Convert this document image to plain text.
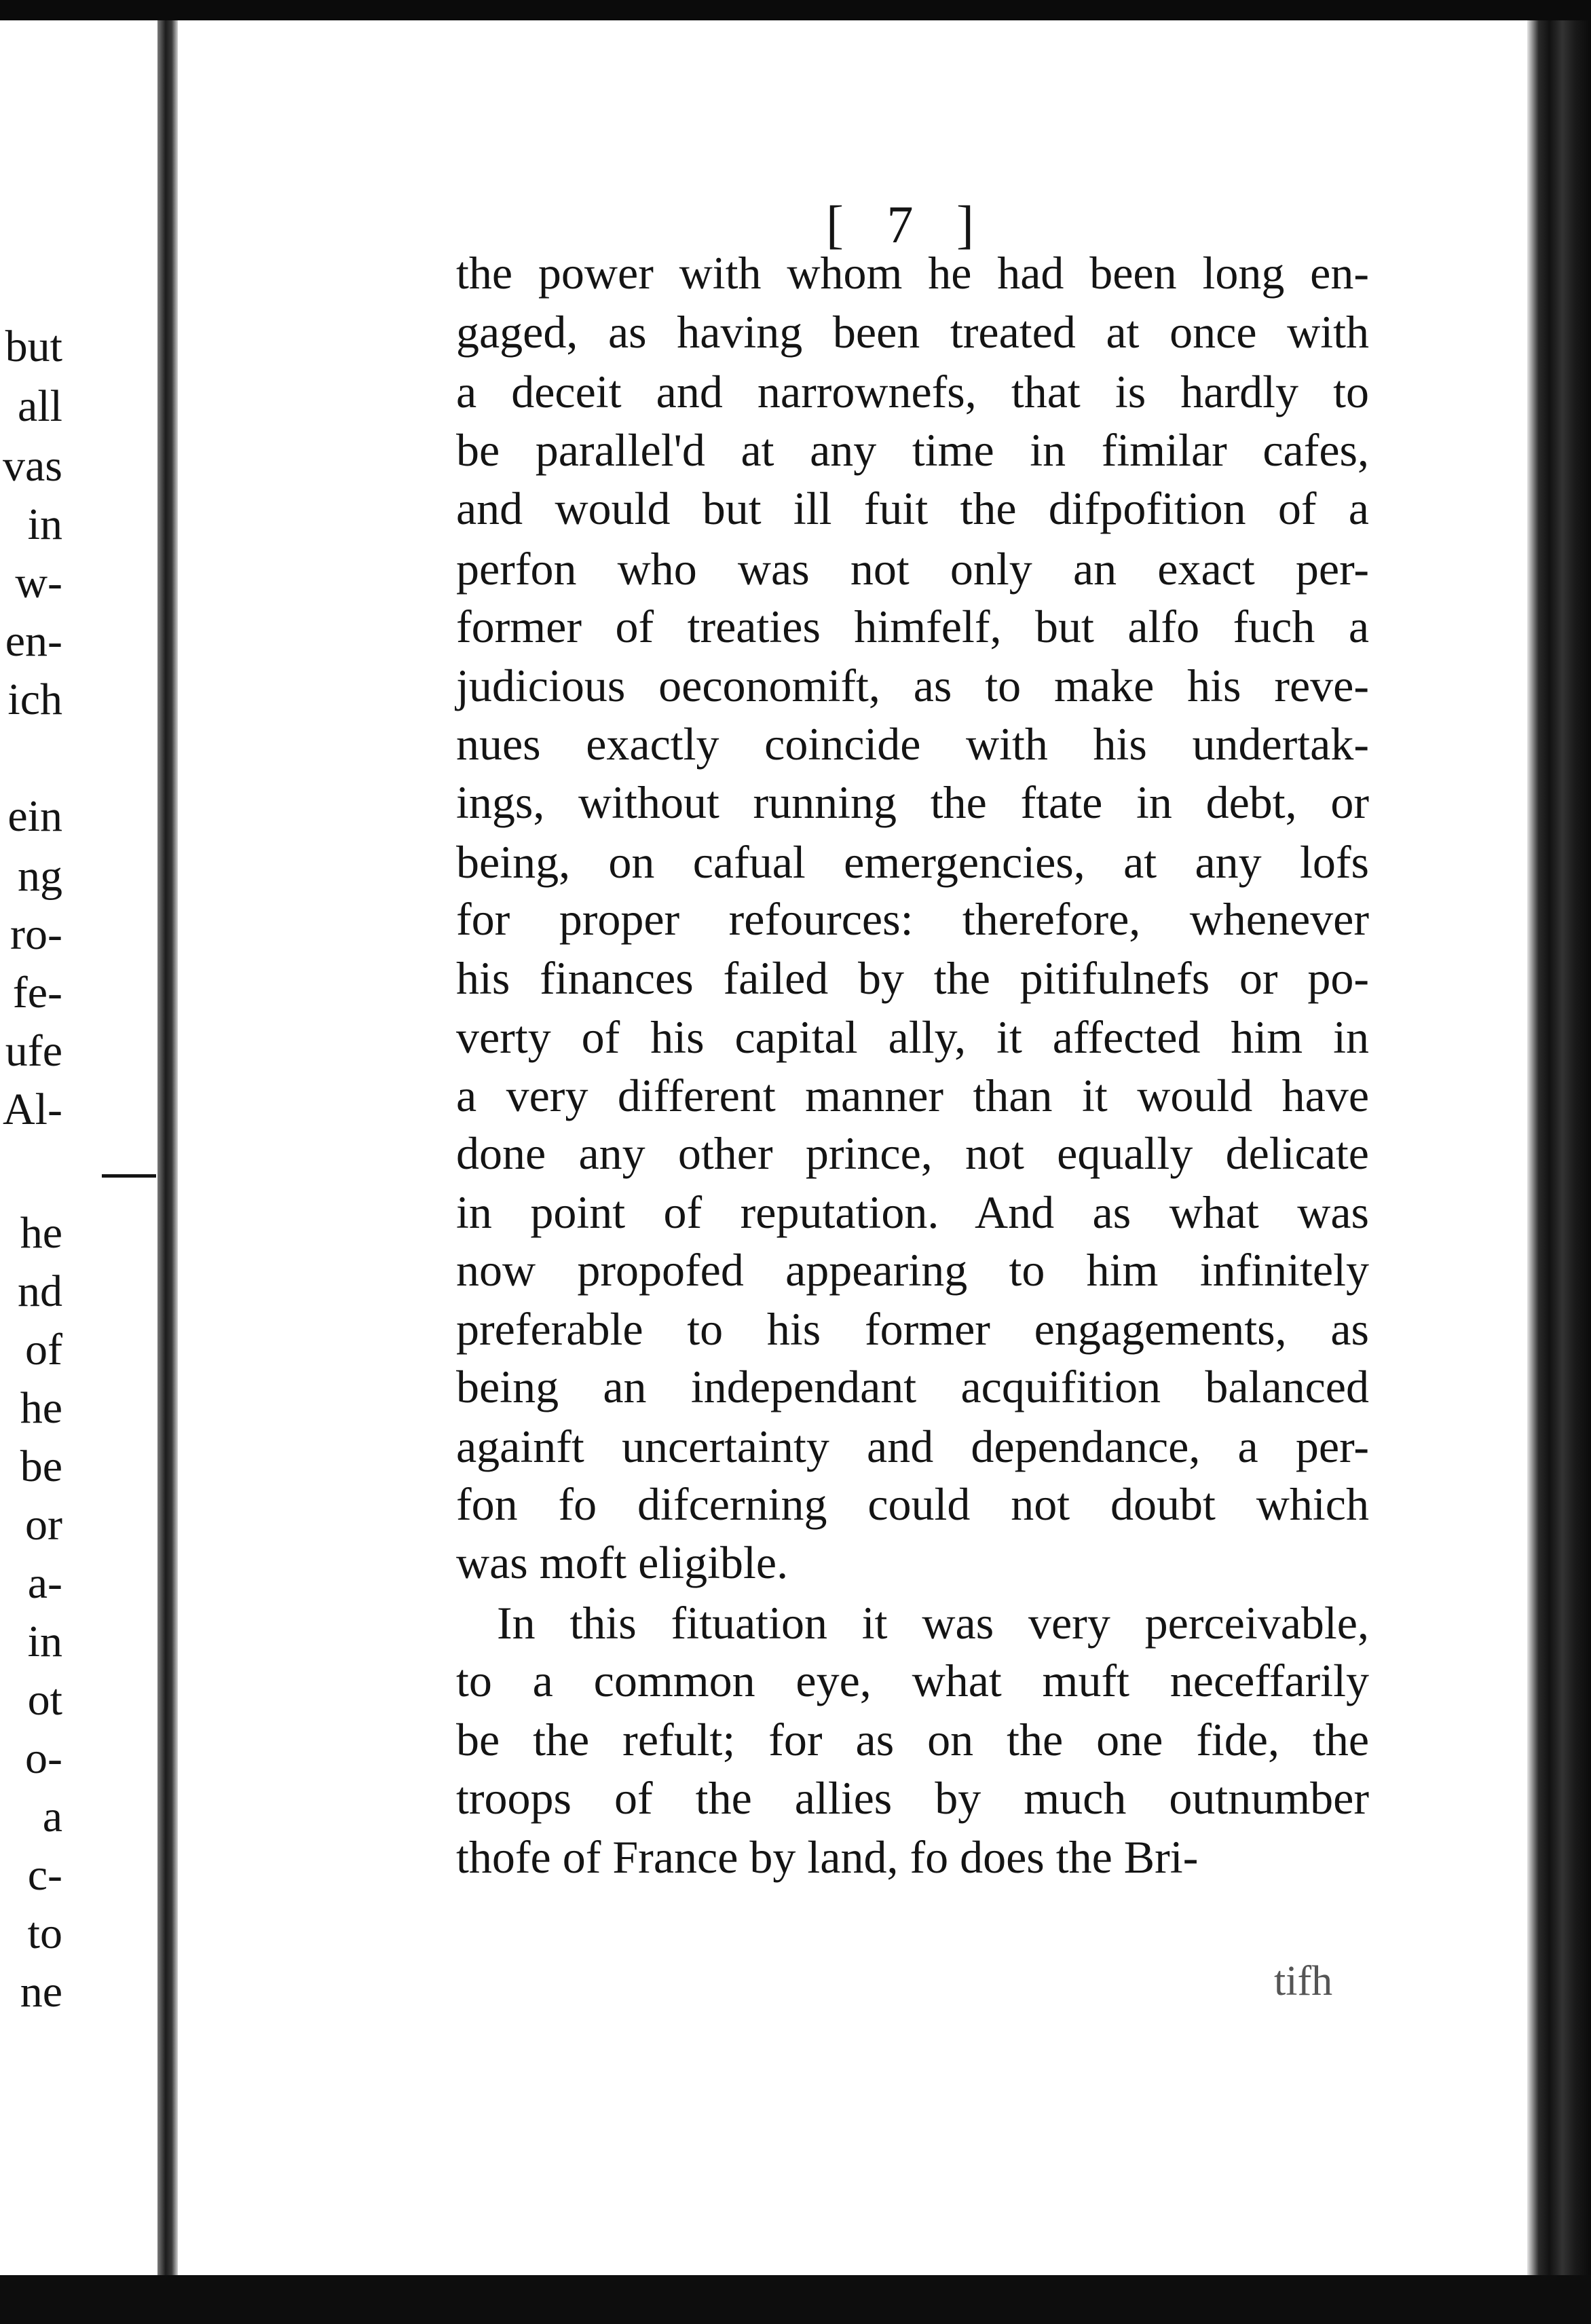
but
all
vas
in
w-
en-
ich
ein
ng
ro-
fe-
ufe
Al-
he
nd
of
he
be
or
a-
in
ot
o-
a
c-
to
ne
[ 7 ]
the power with whom he had been long en-
gaged, as having been treated at once with
a deceit and narrownefs, that is hardly to
be parallel'd at any time in fimilar cafes,
and would but ill fuit the difpofition of a
perfon who was not only an exact per-
former of treaties himfelf, but alfo fuch a
judicious oeconomift, as to make his reve-
nues exactly coincide with his undertak-
ings, without running the ftate in debt, or
being, on cafual emergencies, at any lofs
for proper refources: therefore, whenever
his finances failed by the pitifulnefs or po-
verty of his capital ally, it affected him in
a very different manner than it would have
done any other prince, not equally delicate
in point of reputation. And as what was
now propofed appearing to him infinitely
preferable to his former engagements, as
being an independant acquifition balanced
againft uncertainty and dependance, a per-
fon fo difcerning could not doubt which
was moft eligible.
In this fituation it was very perceivable,
to a common eye, what muft neceffarily
be the refult; for as on the one fide, the
troops of the allies by much outnumber
thofe of France by land, fo does the Bri-
tifh
